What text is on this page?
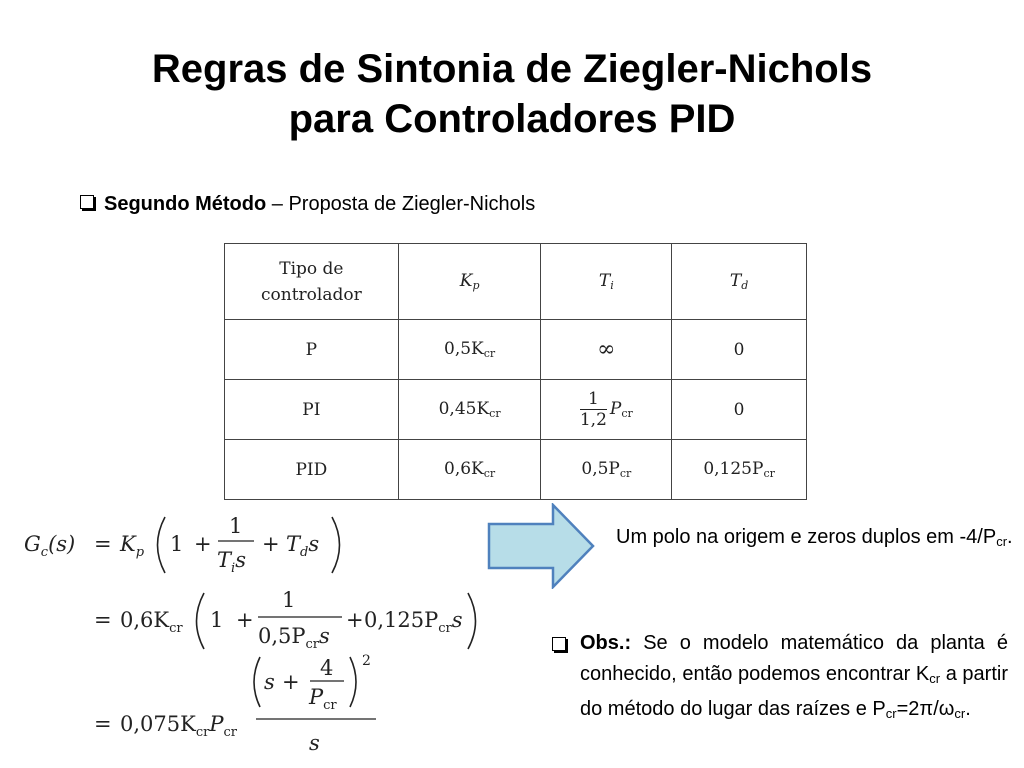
Regras de Sintonia de Ziegler-Nichols
para Controladores PID
Segundo Método – Proposta de Ziegler-Nichols
Tipo de
controlador	$K_p$	$T_i$	$T_d$
P	$0,5K_{cr}$	∞	0
PI	$0,45K_{cr}$	$\frac{1}{1,2} P_{cr}$	0
PID	$0,6K_{cr}$	$0,5P_{cr}$	$0,125P_{cr}$
Um polo na origem e zeros duplos em $-4/P_{cr}$.
Obs.: Se o modelo matemático da planta é conhecido, então podemos encontrar $K_{cr}$ a partir do método do lugar das raízes e $P_{cr}=2\pi/\omega_{cr}$.
$G_c(s) = K_p$ 1 +
1
$T_is$
+ $T_ds$
= $0,6K_{cr}$ 1 +
1
$0,5P_{cr}s$
+ $0,125P_{cr}s$
= $0,075K_{cr}P_{cr}$
s +
4
$P_{cr}$
2
s
